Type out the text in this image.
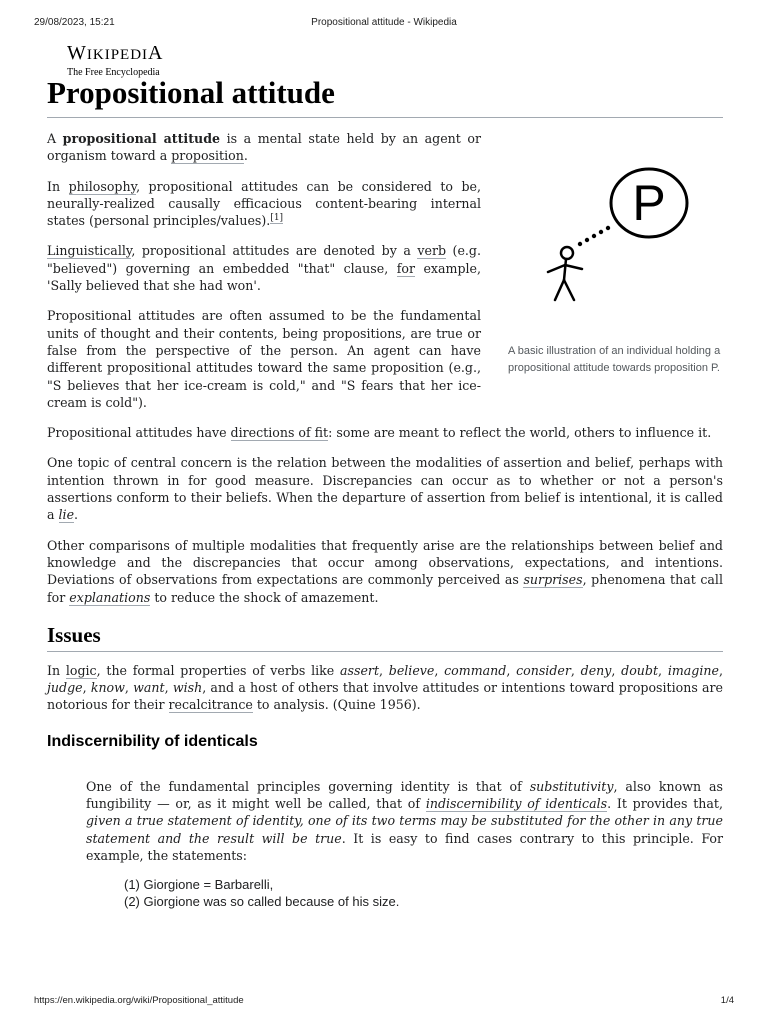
29/08/2023, 15:21	Propositional attitude - Wikipedia
WIKIPEDIA
The Free Encyclopedia
Propositional attitude
P
A basic illustration of an individual holding a propositional attitude towards proposition P.

A propositional attitude is a mental state held by an agent or organism toward a proposition.

In philosophy, propositional attitudes can be considered to be, neurally-realized causally efficacious content-bearing internal states (personal principles/values).[1]

Linguistically, propositional attitudes are denoted by a verb (e.g. "believed") governing an embedded "that" clause, for example, 'Sally believed that she had won'.

Propositional attitudes are often assumed to be the fundamental units of thought and their contents, being propositions, are true or false from the perspective of the person. An agent can have different propositional attitudes toward the same proposition (e.g., "S believes that her ice-cream is cold," and "S fears that her ice-cream is cold").

Propositional attitudes have directions of fit: some are meant to reflect the world, others to influence it.

One topic of central concern is the relation between the modalities of assertion and belief, perhaps with intention thrown in for good measure. Discrepancies can occur as to whether or not a person's assertions conform to their beliefs. When the departure of assertion from belief is intentional, it is called a lie.

Other comparisons of multiple modalities that frequently arise are the relationships between belief and knowledge and the discrepancies that occur among observations, expectations, and intentions. Deviations of observations from expectations are commonly perceived as surprises, phenomena that call for explanations to reduce the shock of amazement.

Issues

In logic, the formal properties of verbs like assert, believe, command, consider, deny, doubt, imagine, judge, know, want, wish, and a host of others that involve attitudes or intentions toward propositions are notorious for their recalcitrance to analysis. (Quine 1956).

Indiscernibility of identicals

One of the fundamental principles governing identity is that of substitutivity, also known as fungibility — or, as it might well be called, that of indiscernibility of identicals. It provides that, given a true statement of identity, one of its two terms may be substituted for the other in any true statement and the result will be true. It is easy to find cases contrary to this principle. For example, the statements:

(1) Giorgione = Barbarelli,
(2) Giorgione was so called because of his size.
https://en.wikipedia.org/wiki/Propositional_attitude	1/4
